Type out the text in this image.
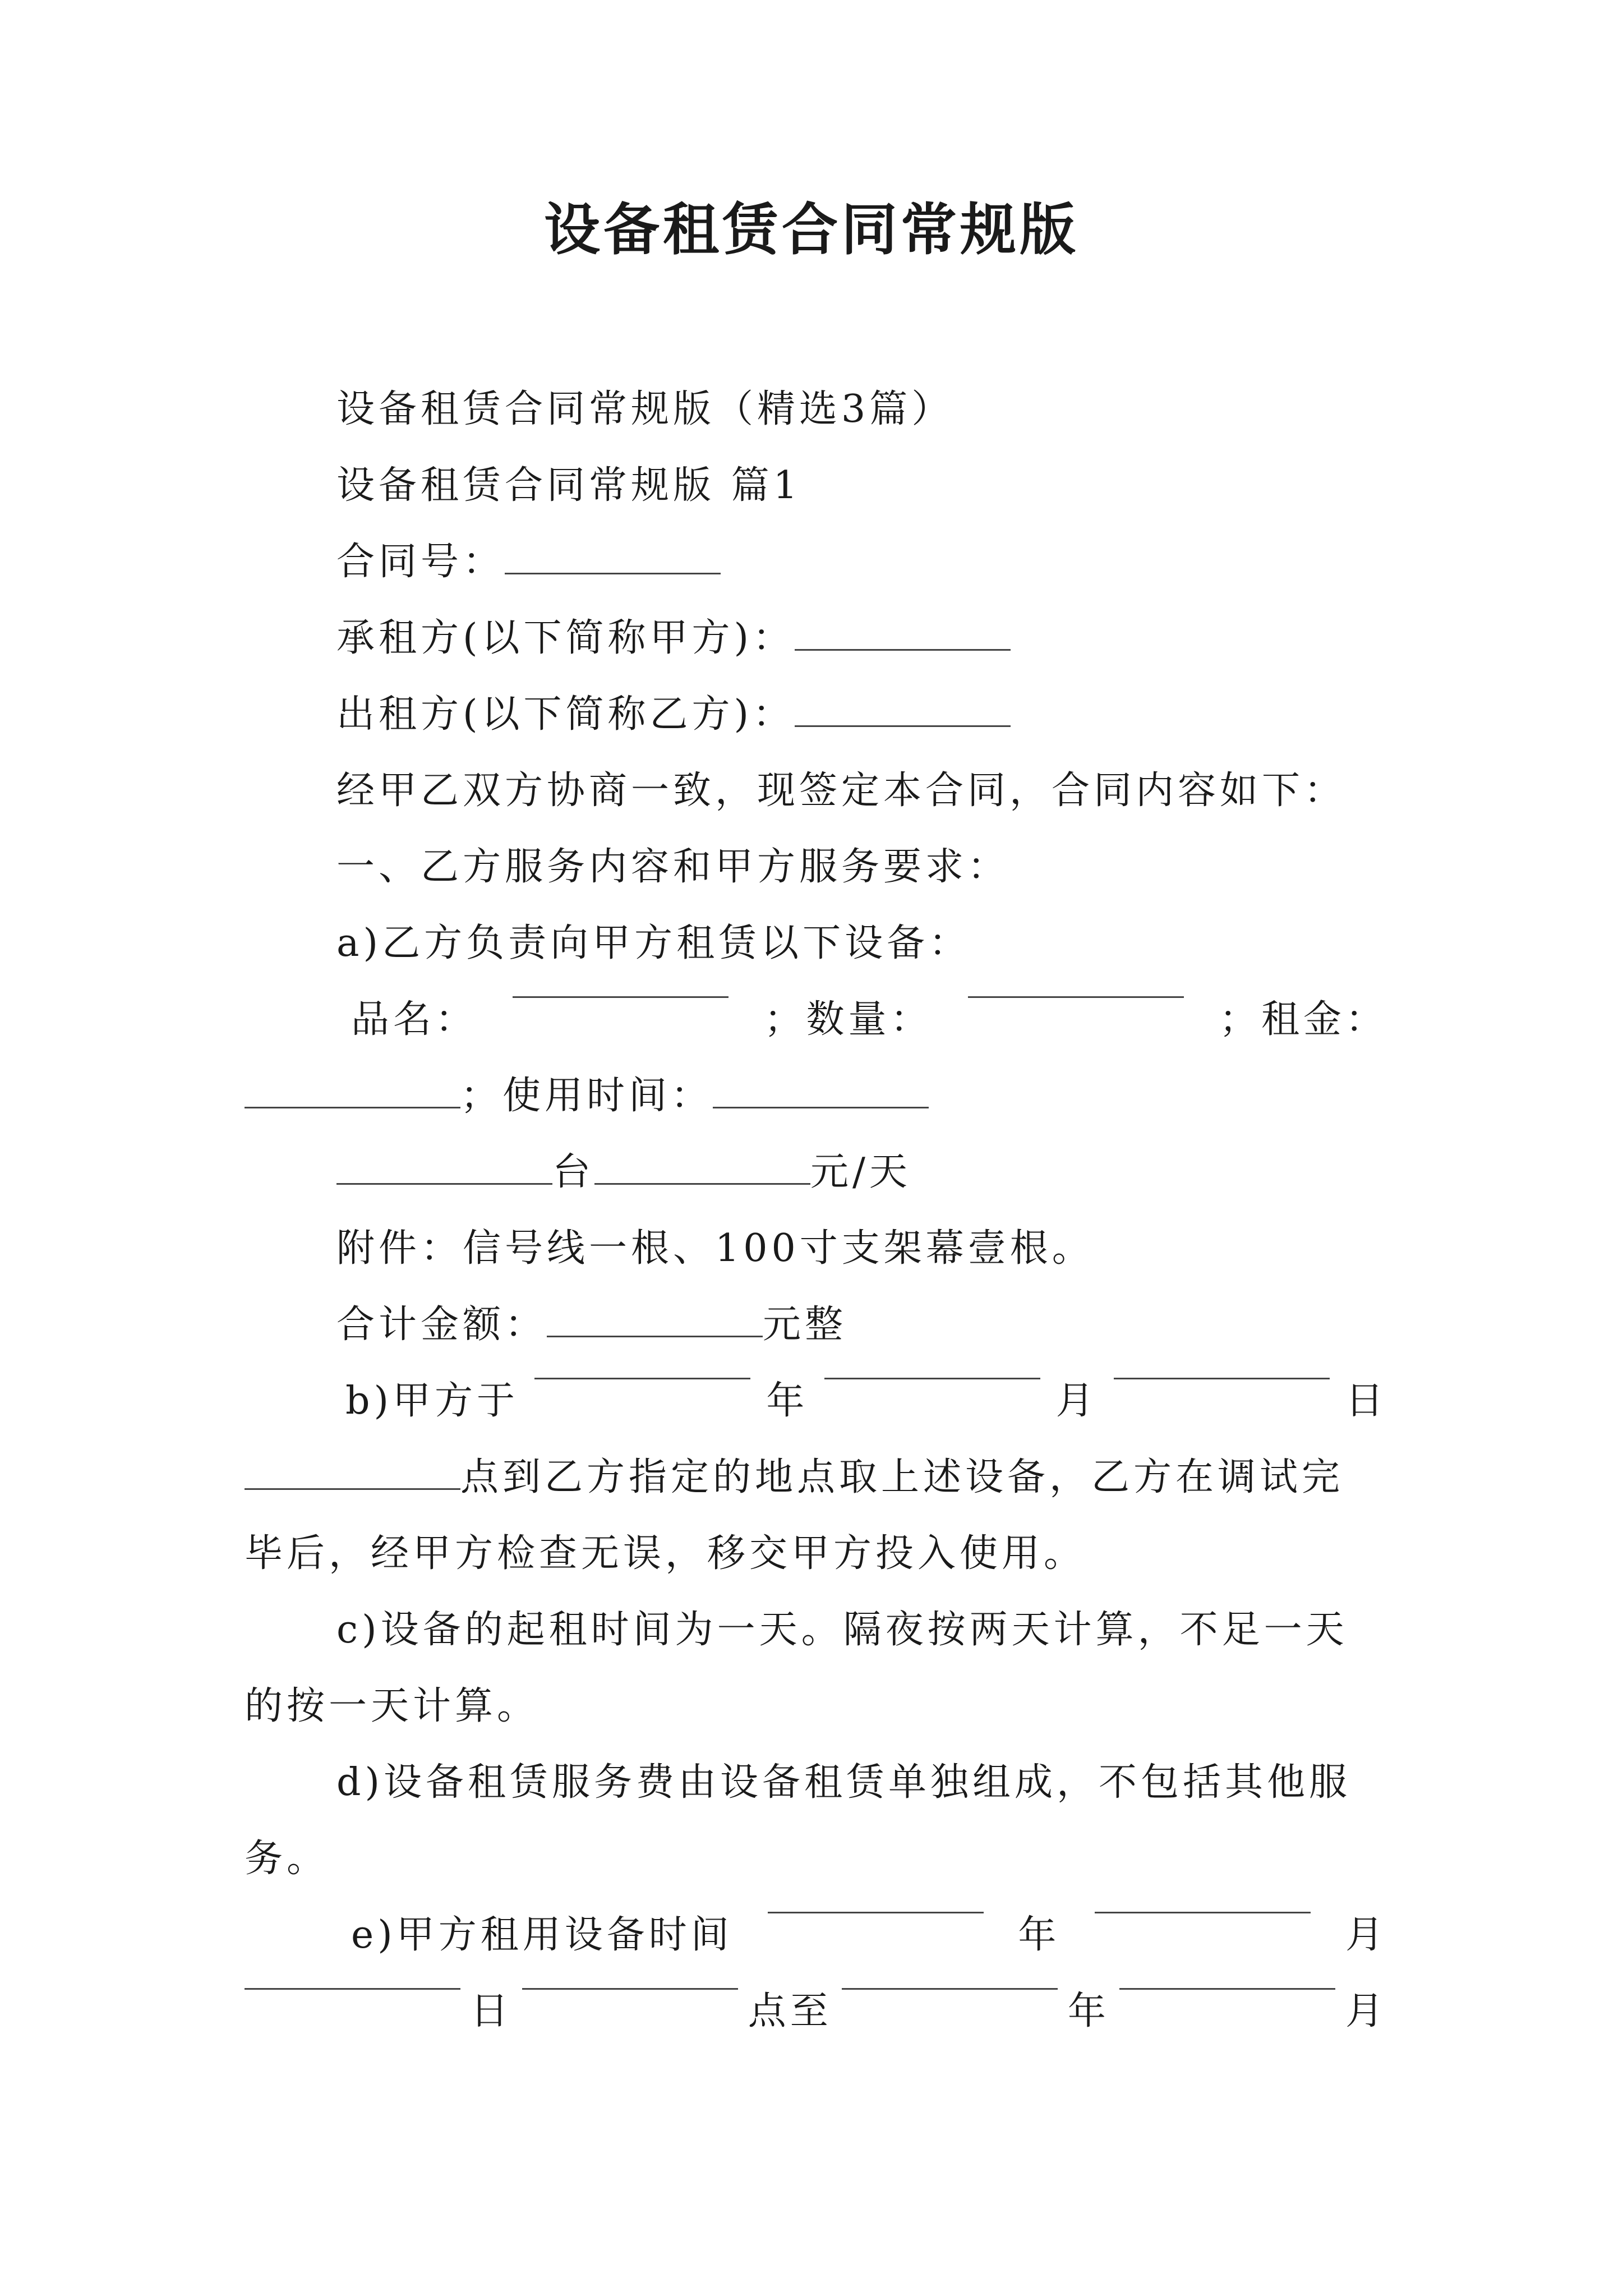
设备租赁合同常规版
设备租赁合同常规版（精选3篇）
设备租赁合同常规版 篇1
合同号：
承租方(以下简称甲方)：
出租方(以下简称乙方)：
经甲乙双方协商一致，现签定本合同，合同内容如下：
一、乙方服务内容和甲方服务要求：
a)乙方负责向甲方租赁以下设备：
品名：	；数量：	；租金：
；使用时间：
台	元/天
附件：信号线一根、100寸支架幕壹根。
合计金额：	元整
b)甲方于	年	月	日
点到乙方指定的地点取上述设备，乙方在调试完
毕后，经甲方检查无误，移交甲方投入使用。
c)设备的起租时间为一天。隔夜按两天计算，不足一天
的按一天计算。
d)设备租赁服务费由设备租赁单独组成，不包括其他服
务。
e)甲方租用设备时间	年	月
日	点至	年	月
